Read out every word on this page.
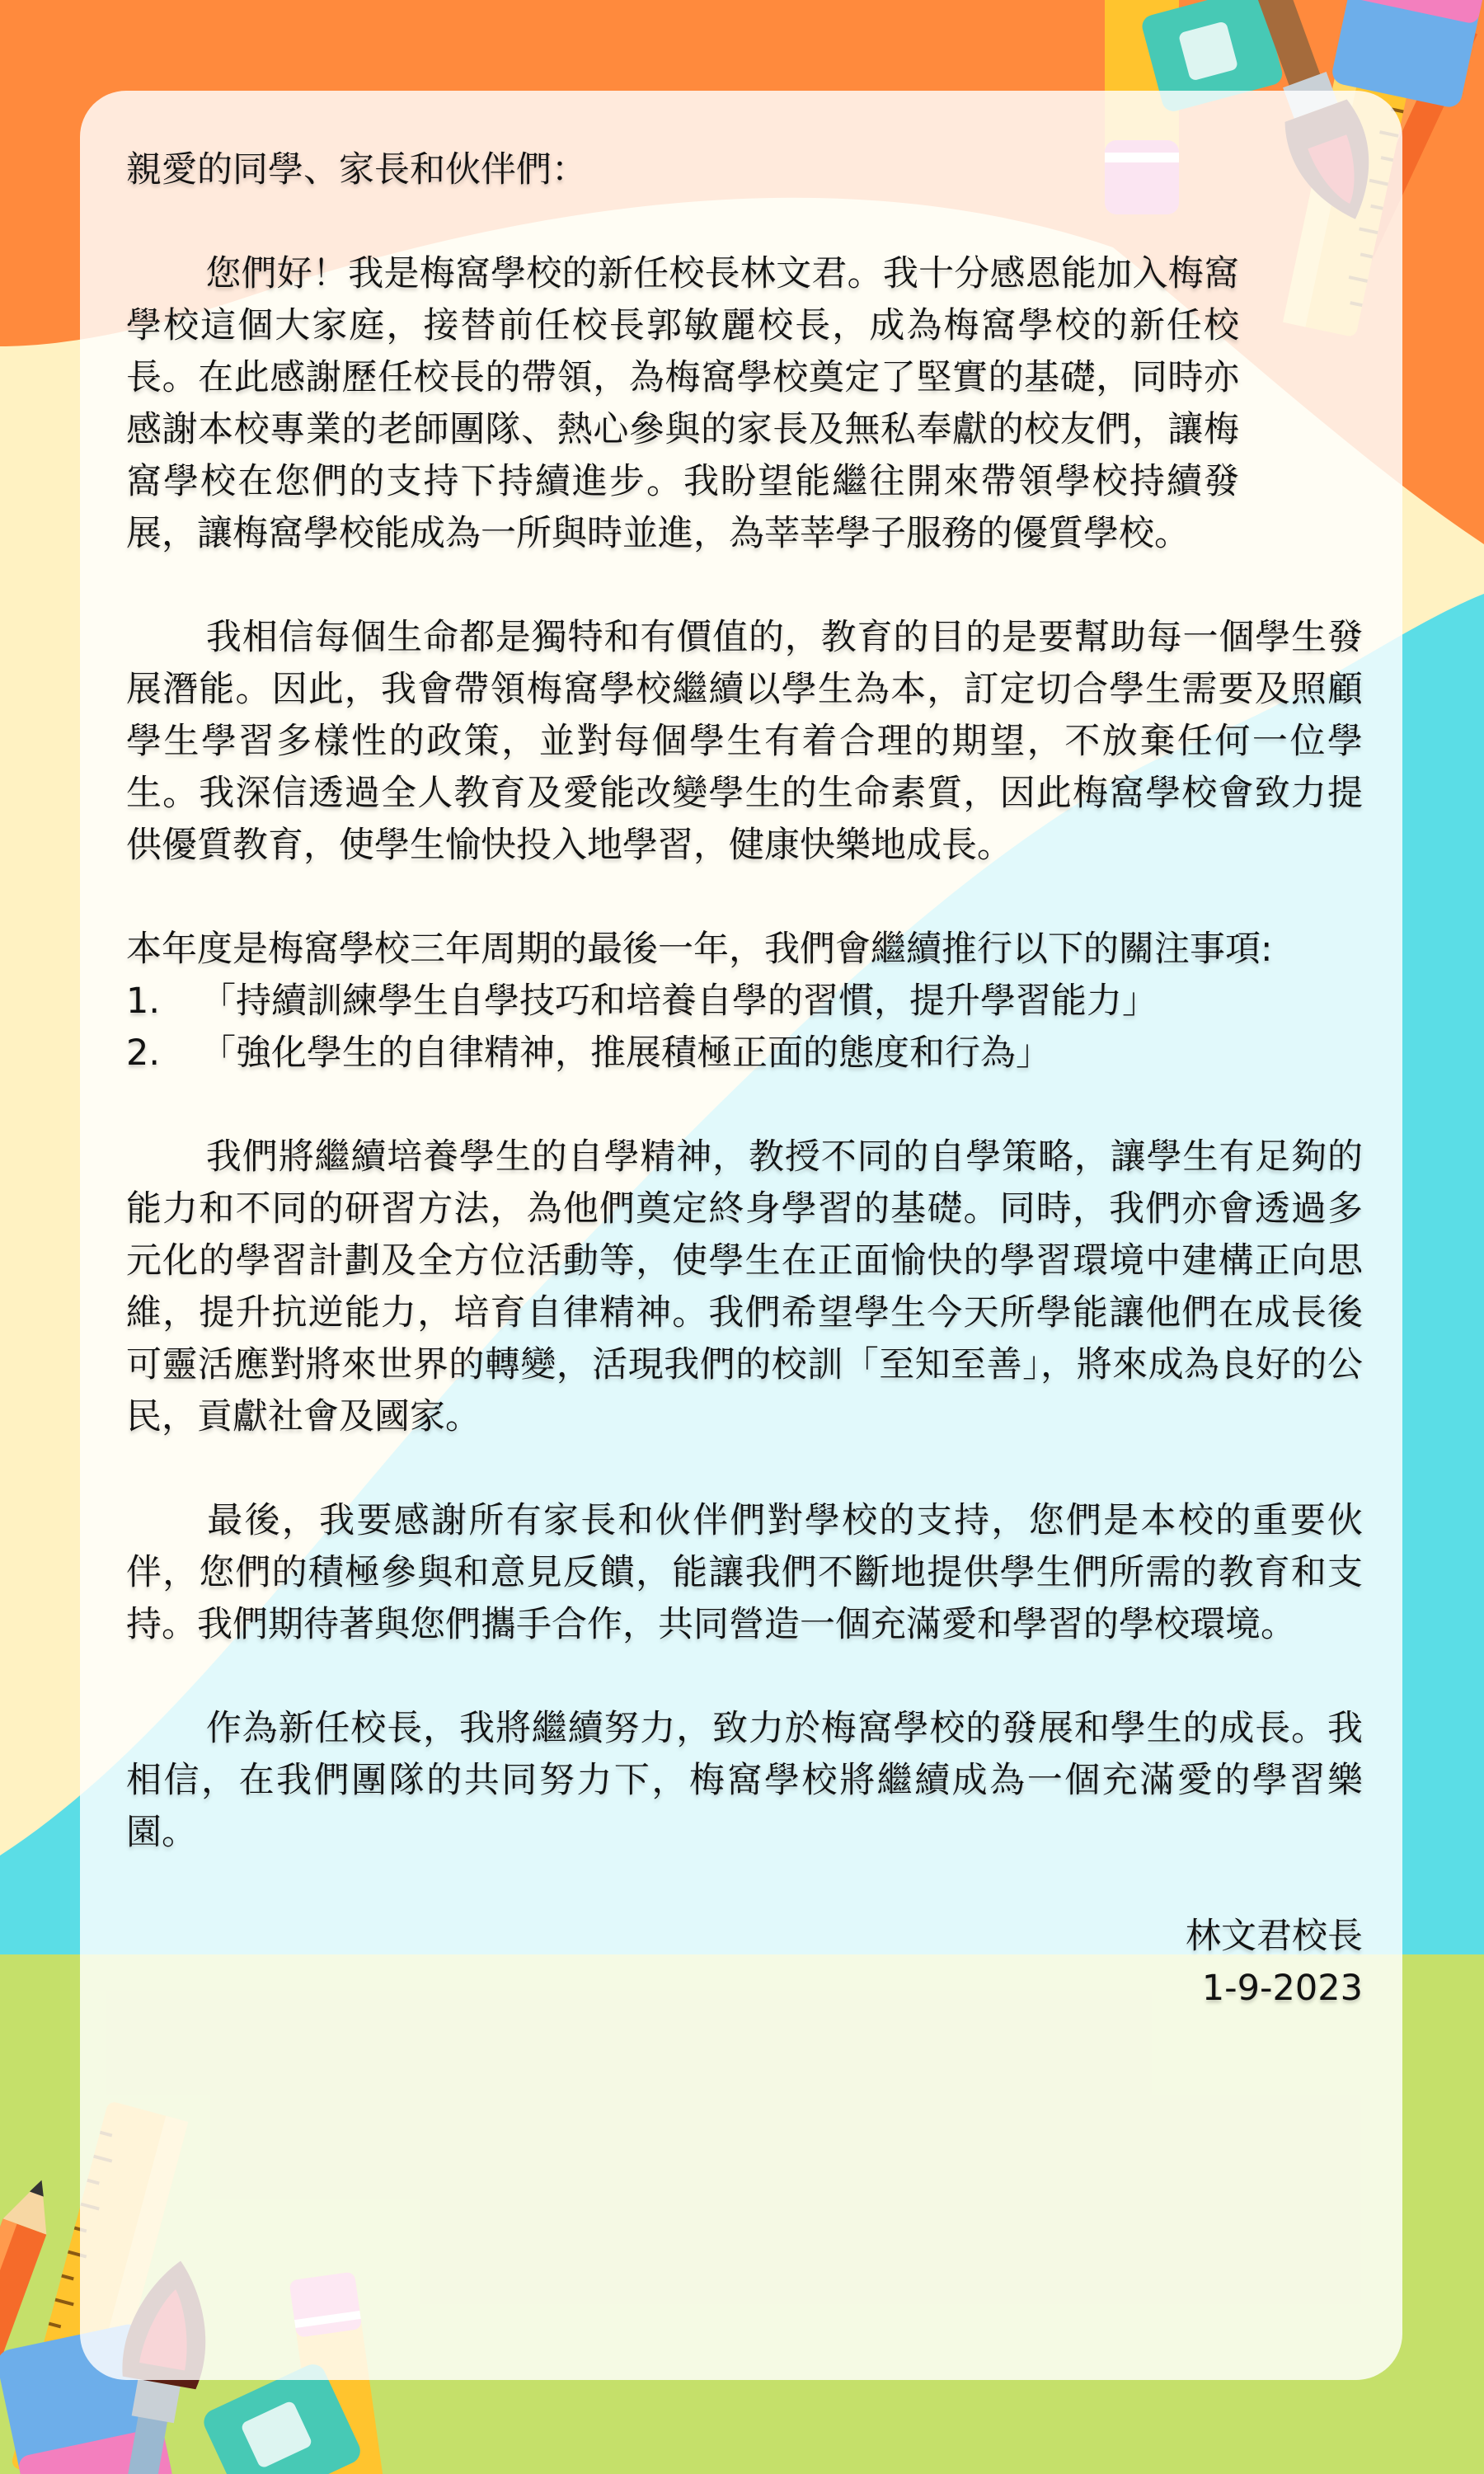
親愛的同學、家長和伙伴們：

您們好！我是梅窩學校的新任校長林文君。我十分感恩能加入梅窩學校這個大家庭，接替前任校長郭敏麗校長，成為梅窩學校的新任校長。在此感謝歷任校長的帶領，為梅窩學校奠定了堅實的基礎，同時亦感謝本校專業的老師團隊、熱心參與的家長及無私奉獻的校友們，讓梅窩學校在您們的支持下持續進步。我盼望能繼往開來帶領學校持續發展，讓梅窩學校能成為一所與時並進，為莘莘學子服務的優質學校。

我相信每個生命都是獨特和有價值的，教育的目的是要幫助每一個學生發展潛能。因此，我會帶領梅窩學校繼續以學生為本，訂定切合學生需要及照顧學生學習多樣性的政策，並對每個學生有着合理的期望，不放棄任何一位學生。我深信透過全人教育及愛能改變學生的生命素質，因此梅窩學校會致力提供優質教育，使學生愉快投入地學習，健康快樂地成長。

本年度是梅窩學校三年周期的最後一年，我們會繼續推行以下的關注事項:

1. 「持續訓練學生自學技巧和培養自學的習慣，提升學習能力」
2. 「強化學生的自律精神，推展積極正面的態度和行為」

我們將繼續培養學生的自學精神，教授不同的自學策略，讓學生有足夠的能力和不同的研習方法，為他們奠定終身學習的基礎。同時，我們亦會透過多元化的學習計劃及全方位活動等，使學生在正面愉快的學習環境中建構正向思維，提升抗逆能力，培育自律精神。我們希望學生今天所學能讓他們在成長後可靈活應對將來世界的轉變，活現我們的校訓「至知至善」，將來成為良好的公民，貢獻社會及國家。

最後，我要感謝所有家長和伙伴們對學校的支持，您們是本校的重要伙伴，您們的積極參與和意見反饋，能讓我們不斷地提供學生們所需的教育和支持。我們期待著與您們攜手合作，共同營造一個充滿愛和學習的學校環境。

作為新任校長，我將繼續努力，致力於梅窩學校的發展和學生的成長。我相信，在我們團隊的共同努力下，梅窩學校將繼續成為一個充滿愛的學習樂園。

林文君校長
1-9-2023
